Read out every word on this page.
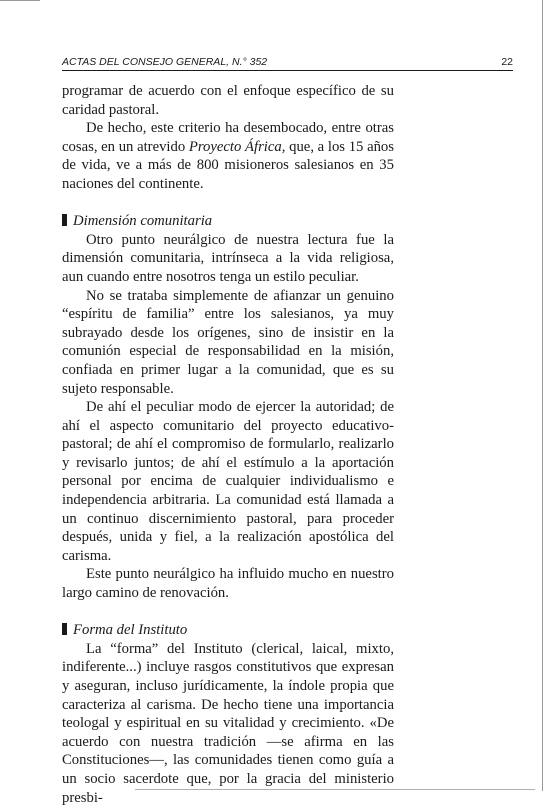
ACTAS DEL CONSEJO GENERAL, N.° 352	22

programar de acuerdo con el enfoque específico de su caridad pastoral.

De hecho, este criterio ha desembocado, entre otras cosas, en un atrevido Proyecto África, que, a los 15 años de vida, ve a más de 800 misioneros salesianos en 35 naciones del continente.

Dimensión comunitaria

Otro punto neurálgico de nuestra lectura fue la dimensión comunitaria, intrínseca a la vida religiosa, aun cuando entre nosotros tenga un estilo peculiar.

No se trataba simplemente de afianzar un genuino “espíritu de familia” entre los salesianos, ya muy subrayado desde los orígenes, sino de insistir en la comunión especial de responsabilidad en la misión, confiada en primer lugar a la comunidad, que es su sujeto responsable.

De ahí el peculiar modo de ejercer la autoridad; de ahí el aspecto comunitario del proyecto educativo-pastoral; de ahí el compromiso de formularlo, realizarlo y revisarlo juntos; de ahí el estímulo a la aportación personal por encima de cualquier individualismo e independencia arbitraria. La comunidad está llamada a un continuo discernimiento pastoral, para proceder después, unida y fiel, a la realización apostólica del carisma.

Este punto neurálgico ha influido mucho en nuestro largo camino de renovación.

Forma del Instituto

La “forma” del Instituto (clerical, laical, mixto, indiferente...) incluye rasgos constitutivos que expresan y aseguran, incluso jurídicamente, la índole propia que caracteriza al carisma. De hecho tiene una importancia teologal y espiritual en su vitalidad y crecimiento. «De acuerdo con nuestra tradición —se afirma en las Constituciones—, las comunidades tienen como guía a un socio sacerdote que, por la gracia del ministerio presbi-
